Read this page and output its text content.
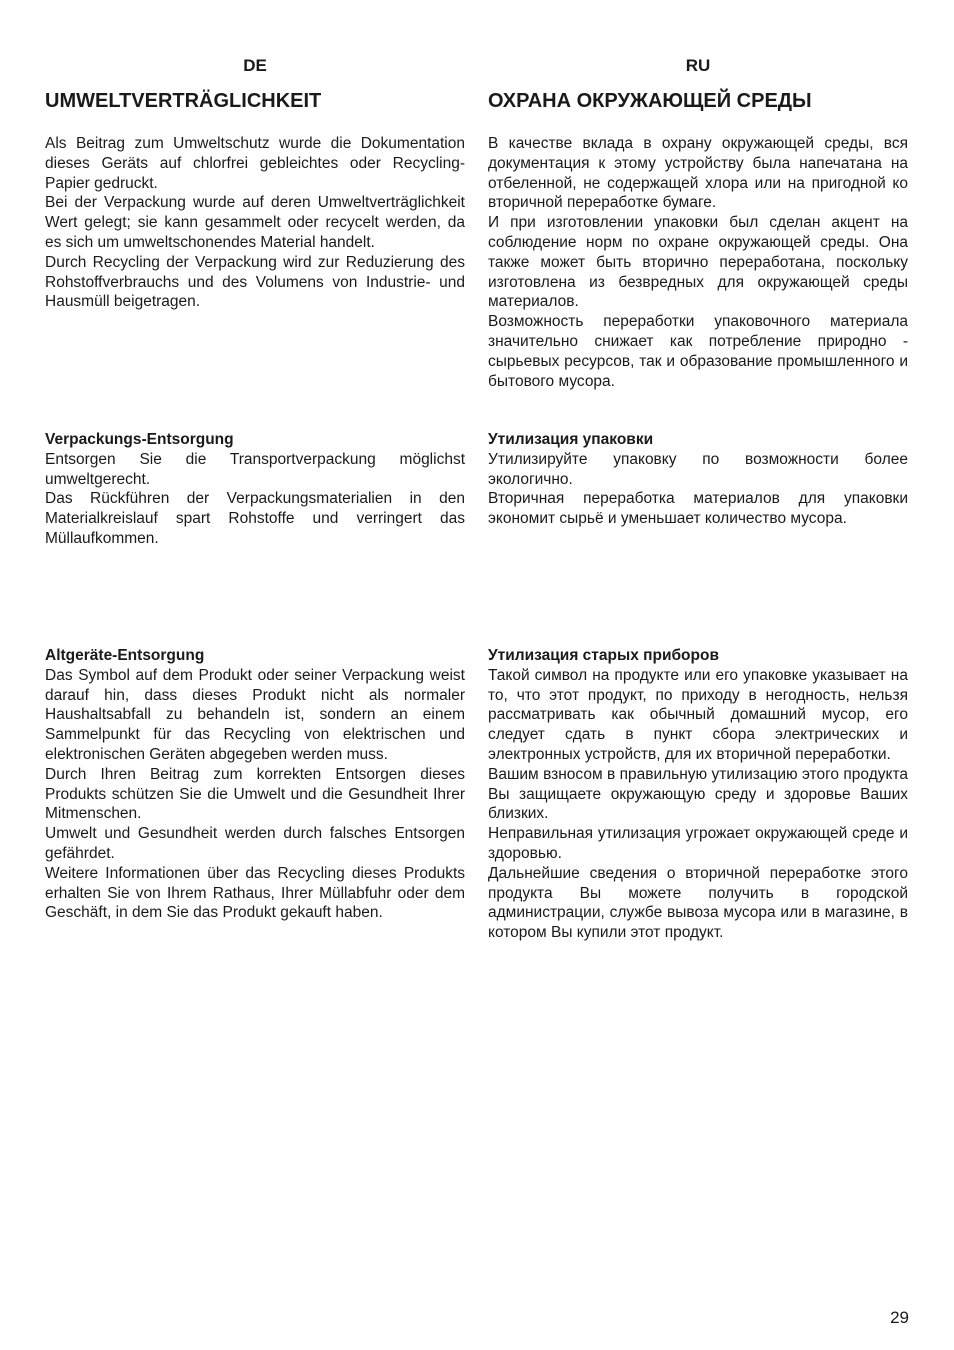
DE
UMWELTVERTRÄGLICHKEIT

Als Beitrag zum Umweltschutz wurde die Dokumentation dieses Geräts auf chlorfrei gebleichtes oder Recycling-Papier gedruckt.

Bei der Verpackung wurde auf deren Umweltverträglichkeit Wert gelegt; sie kann gesammelt oder recycelt werden, da es sich um umweltschonendes Material handelt.

Durch Recycling der Verpackung wird zur Reduzierung des Rohstoffverbrauchs und des Volumens von Industrie- und Hausmüll beigetragen.

Verpackungs-Entsorgung

Entsorgen Sie die Transportverpackung möglichst umweltgerecht.

Das Rückführen der Verpackungsmaterialien in den Materialkreislauf spart Rohstoffe und verringert das Müllaufkommen.

Altgeräte-Entsorgung

Das Symbol auf dem Produkt oder seiner Verpackung weist darauf hin, dass dieses Produkt nicht als normaler Haushaltsabfall zu behandeln ist, sondern an einem Sammelpunkt für das Recycling von elektrischen und elektronischen Geräten abgegeben werden muss.

Durch Ihren Beitrag zum korrekten Entsorgen dieses Produkts schützen Sie die Umwelt und die Gesundheit Ihrer Mitmenschen.

Umwelt und Gesundheit werden durch falsches Entsorgen gefährdet.

Weitere Informationen über das Recycling dieses Produkts erhalten Sie von Ihrem Rathaus, Ihrer Müllabfuhr oder dem Geschäft, in dem Sie das Produkt gekauft haben.

RU
ОХРАНА ОКРУЖАЮЩЕЙ СРЕДЫ

В качестве вклада в охрану окружающей среды, вся документация к этому устройству была напечатана на отбеленной, не содержащей хлора или на пригодной ко вторичной переработке бумаге.

И при изготовлении упаковки был сделан акцент на соблюдение норм по охране окружающей среды. Она также может быть вторично переработана, поскольку изготовлена из безвредных для окружающей среды материалов.

Возможность переработки упаковочного материала значительно снижает как потребление природно - сырьевых ресурсов, так и образование промышленного и бытового мусора.

Утилизация упаковки

Утилизируйте упаковку по возможности более экологично.

Вторичная переработка материалов для упаковки экономит сырьё и уменьшает количество мусора.

Утилизация старых приборов

Такой символ на продукте или его упаковке указывает на то, что этот продукт, по приходу в негодность, нельзя рассматривать как обычный домашний мусор, его следует сдать в пункт сбора электрических и электронных устройств, для их вторичной переработки.

Вашим взносом в правильную утилизацию этого продукта Вы защищаете окружающую среду и здоровье Ваших близких.

Неправильная утилизация угрожает окружающей среде и здоровью.

Дальнейшие сведения о вторичной переработке этого продукта Вы можете получить в городской администрации, службе вывоза мусора или в магазине, в котором Вы купили этот продукт.

29
